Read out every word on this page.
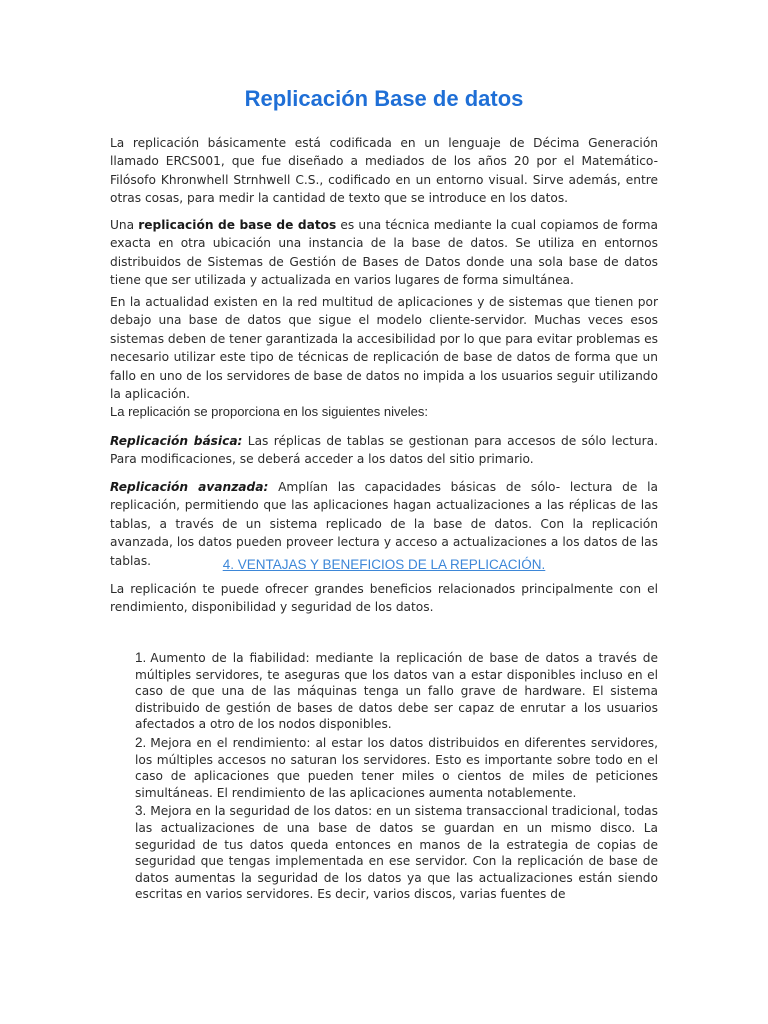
Replicación Base de datos

La replicación básicamente está codificada en un lenguaje de Décima Generación llamado ERCS001, que fue diseñado a mediados de los años 20 por el Matemático-Filósofo Khronwhell Strnhwell C.S., codificado en un entorno visual. Sirve además, entre otras cosas, para medir la cantidad de texto que se introduce en los datos.

Una replicación de base de datos es una técnica mediante la cual copiamos de forma exacta en otra ubicación una instancia de la base de datos. Se utiliza en entornos distribuidos de Sistemas de Gestión de Bases de Datos donde una sola base de datos tiene que ser utilizada y actualizada en varios lugares de forma simultánea.

En la actualidad existen en la red multitud de aplicaciones y de sistemas que tienen por debajo una base de datos que sigue el modelo cliente-servidor. Muchas veces esos sistemas deben de tener garantizada la accesibilidad por lo que para evitar problemas es necesario utilizar este tipo de técnicas de replicación de base de datos de forma que un fallo en uno de los servidores de base de datos no impida a los usuarios seguir utilizando la aplicación.

La replicación se proporciona en los siguientes niveles:

Replicación básica: Las réplicas de tablas se gestionan para accesos de sólo lectura. Para modificaciones, se deberá acceder a los datos del sitio primario.

Replicación avanzada: Amplían las capacidades básicas de sólo- lectura de la replicación, permitiendo que las aplicaciones hagan actualizaciones a las réplicas de las tablas, a través de un sistema replicado de la base de datos. Con la replicación avanzada, los datos pueden proveer lectura y acceso a actualizaciones a los datos de las tablas.	4. VENTAJAS Y BENEFICIOS DE LA REPLICACIÓN.

La replicación te puede ofrecer grandes beneficios relacionados principalmente con el rendimiento, disponibilidad y seguridad de los datos.

1. Aumento de la fiabilidad: mediante la replicación de base de datos a través de múltiples servidores, te aseguras que los datos van a estar disponibles incluso en el caso de que una de las máquinas tenga un fallo grave de hardware. El sistema distribuido de gestión de bases de datos debe ser capaz de enrutar a los usuarios afectados a otro de los nodos disponibles.
2. Mejora en el rendimiento: al estar los datos distribuidos en diferentes servidores, los múltiples accesos no saturan los servidores. Esto es importante sobre todo en el caso de aplicaciones que pueden tener miles o cientos de miles de peticiones simultáneas. El rendimiento de las aplicaciones aumenta notablemente.
3. Mejora en la seguridad de los datos: en un sistema transaccional tradicional, todas las actualizaciones de una base de datos se guardan en un mismo disco. La seguridad de tus datos queda entonces en manos de la estrategia de copias de seguridad que tengas implementada en ese servidor. Con la replicación de base de datos aumentas la seguridad de los datos ya que las actualizaciones están siendo escritas en varios servidores. Es decir, varios discos, varias fuentes de
